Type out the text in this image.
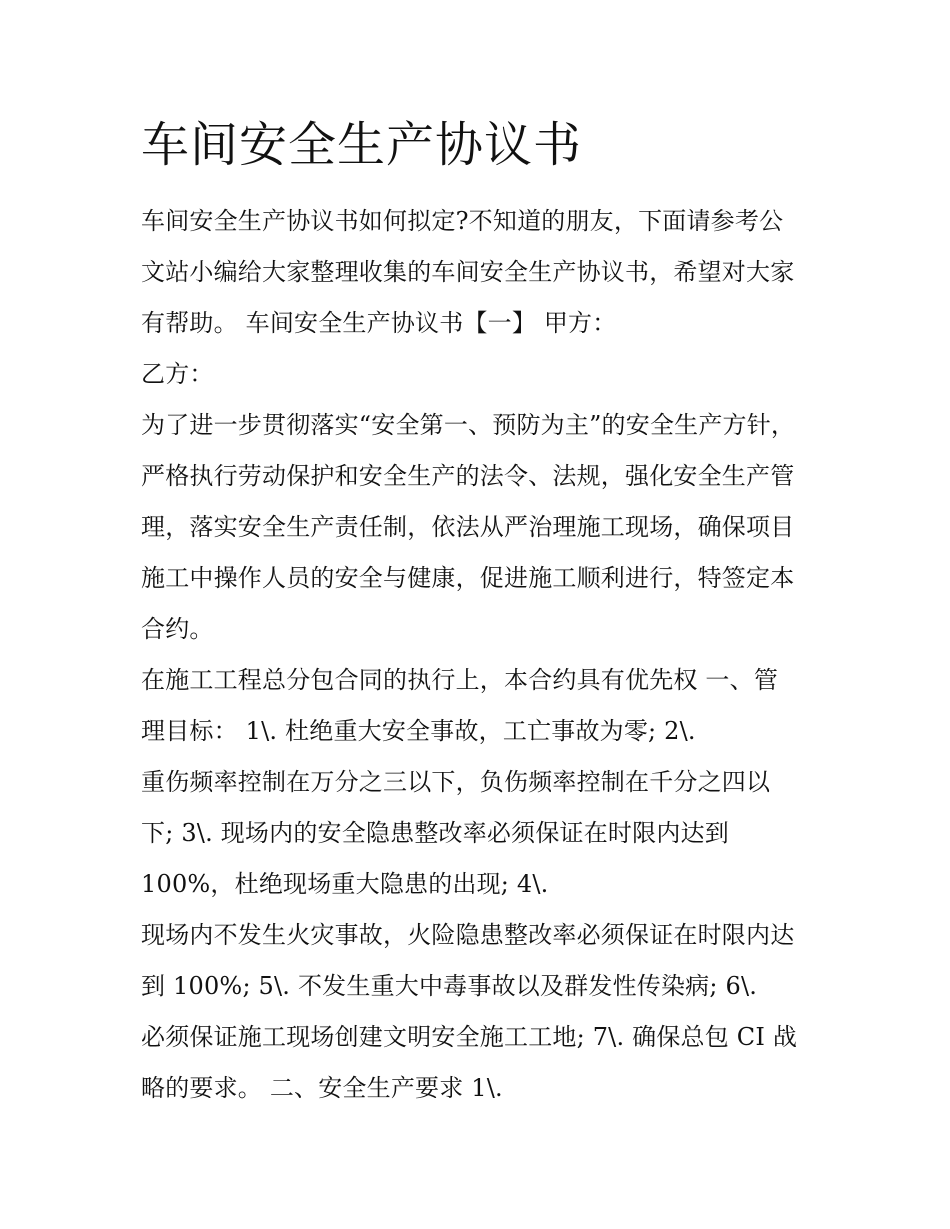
车间安全生产协议书
车间安全生产协议书如何拟定?不知道的朋友，下面请参考公
文站小编给大家整理收集的车间安全生产协议书，希望对大家
有帮助。 车间安全生产协议书【一】 甲方：
乙方：
为了进一步贯彻落实“安全第一、预防为主”的安全生产方针，
严格执行劳动保护和安全生产的法令、法规，强化安全生产管
理，落实安全生产责任制，依法从严治理施工现场，确保项目
施工中操作人员的安全与健康，促进施工顺利进行，特签定本
合约。
在施工工程总分包合同的执行上，本合约具有优先权 一、管
理目标： 1\. 杜绝重大安全事故，工亡事故为零; 2\.
重伤频率控制在万分之三以下，负伤频率控制在千分之四以
下; 3\. 现场内的安全隐患整改率必须保证在时限内达到
100%，杜绝现场重大隐患的出现; 4\.
现场内不发生火灾事故，火险隐患整改率必须保证在时限内达
到 100%; 5\. 不发生重大中毒事故以及群发性传染病; 6\.
必须保证施工现场创建文明安全施工工地; 7\. 确保总包 CI 战
略的要求。 二、安全生产要求 1\.
